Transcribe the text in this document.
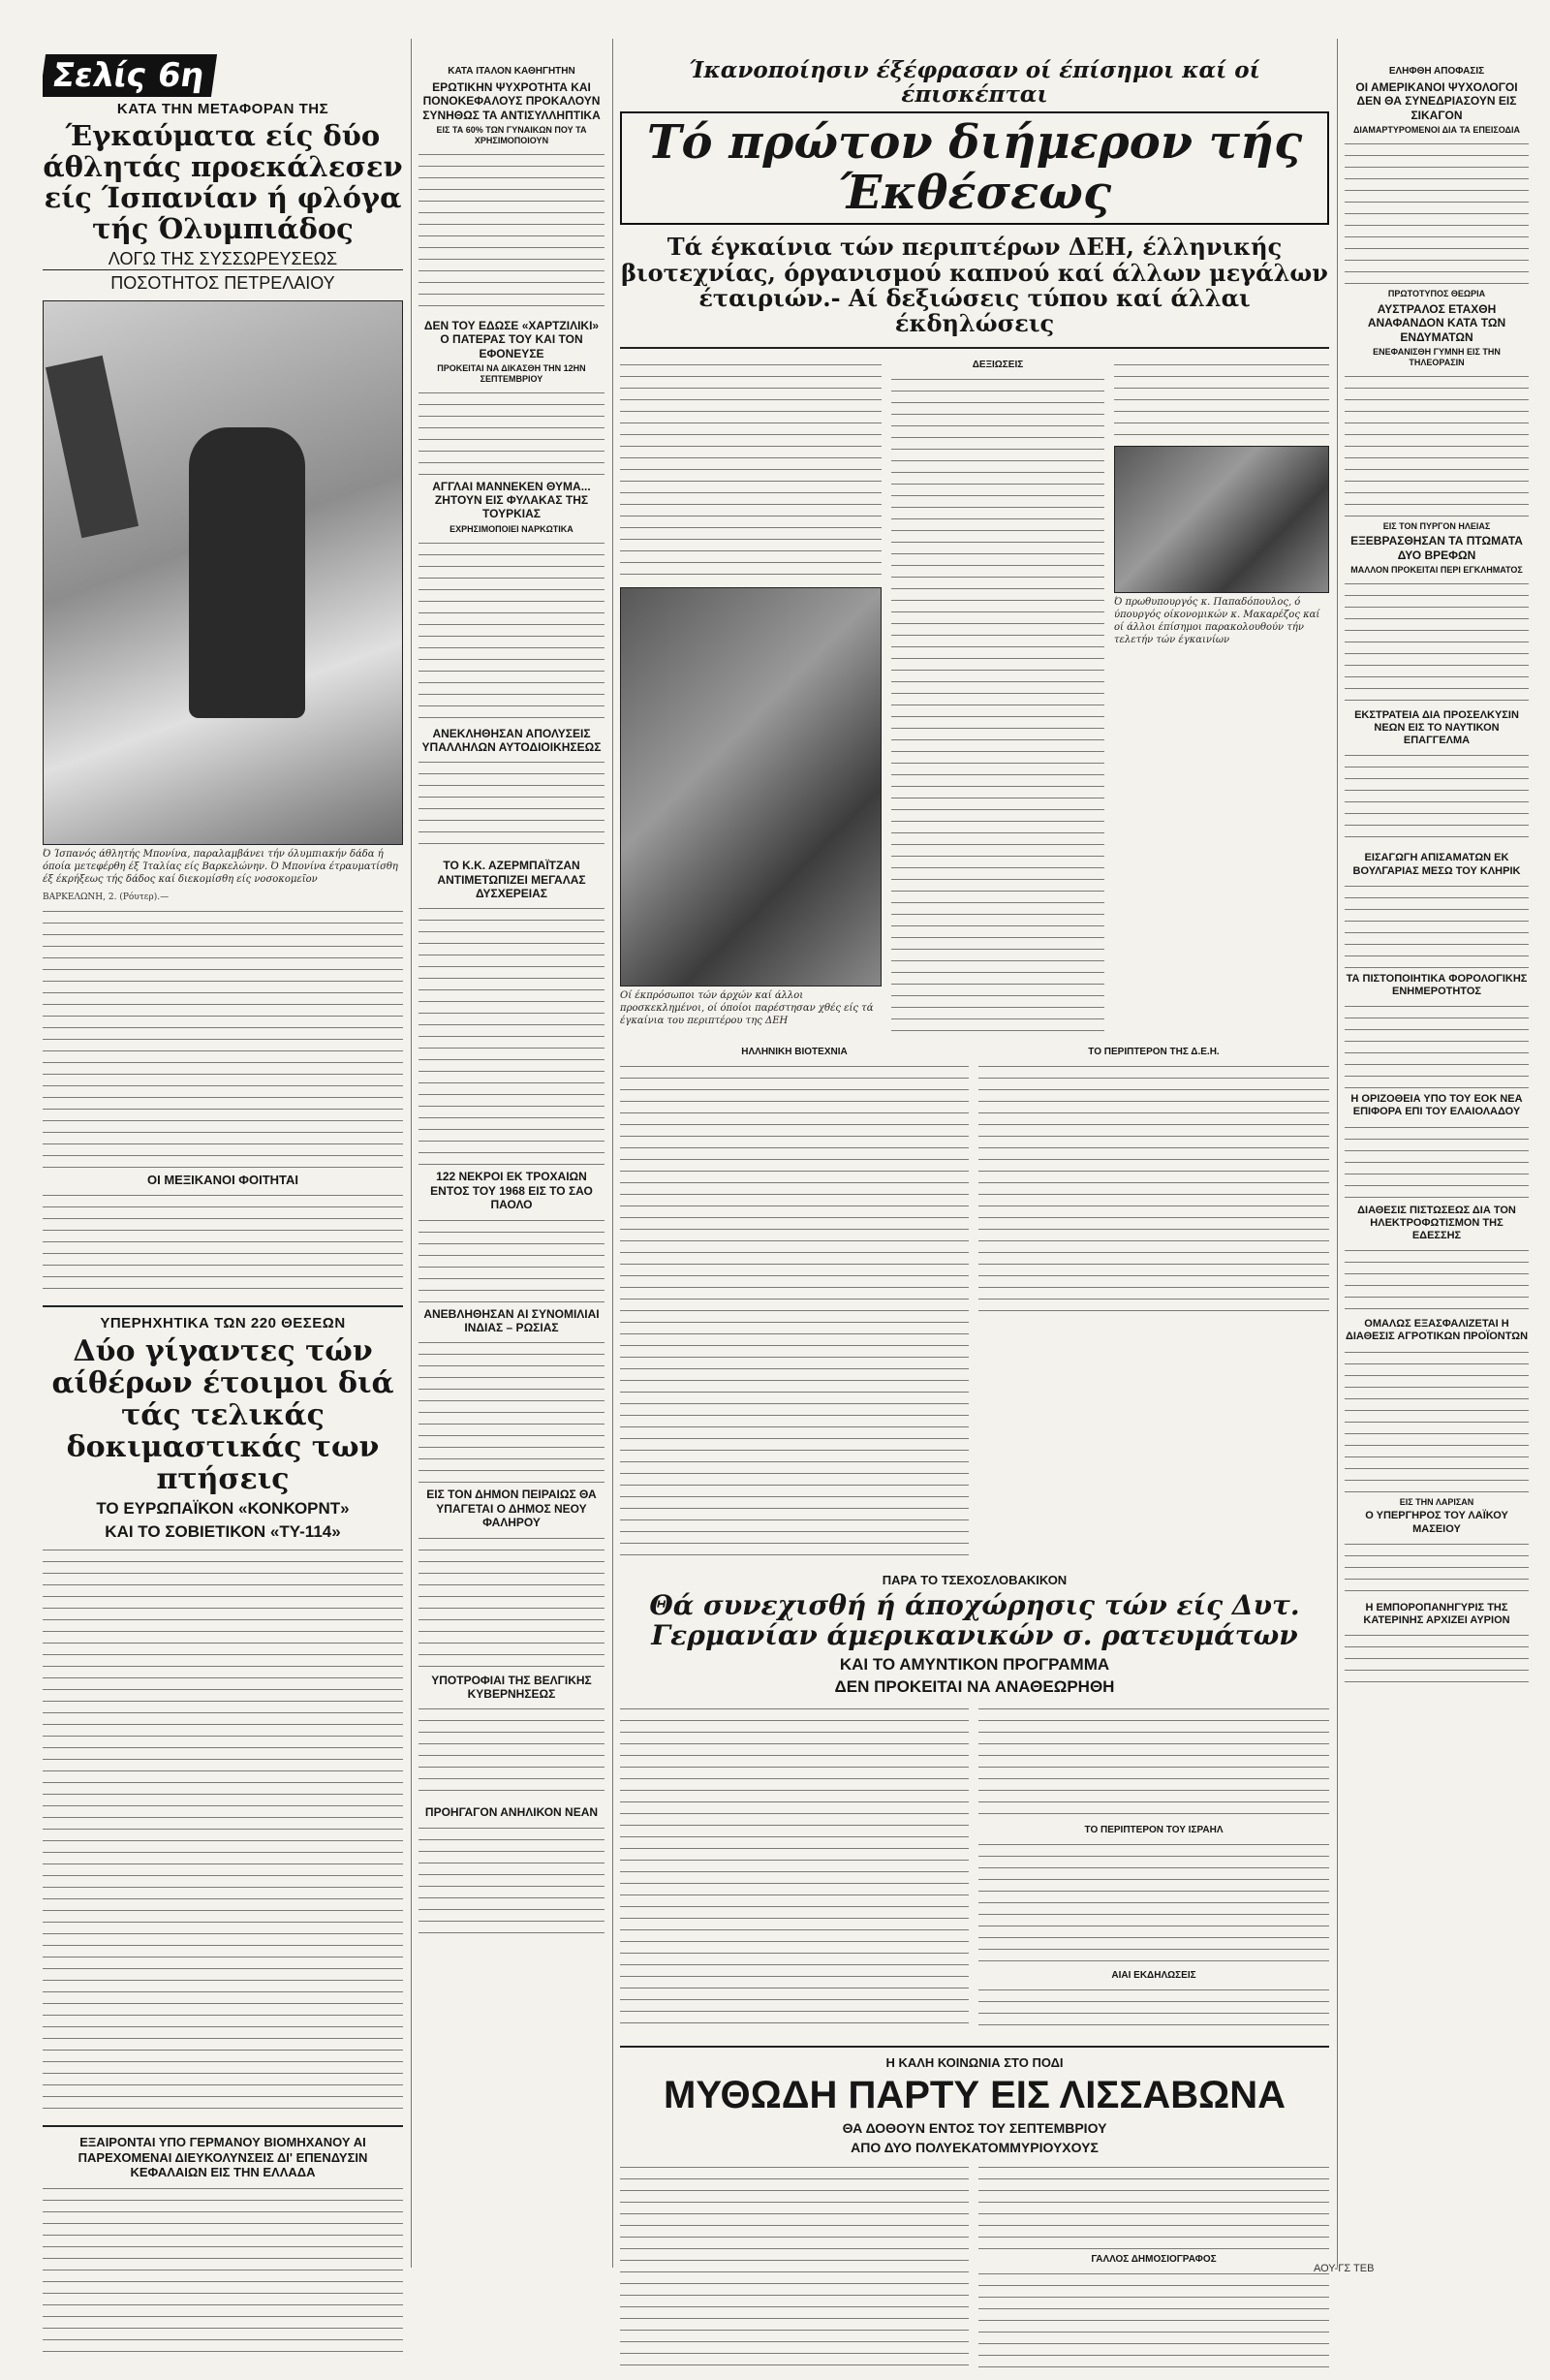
Σελίς 6η
ΚΑΤΑ ΤΗΝ ΜΕΤΑΦΟΡΑΝ ΤΗΣ
Έγκαύματα είς δύο άθλητάς προεκάλεσεν είς Ίσπανίαν ή φλόγα τής Όλυμπιάδος
ΛΟΓΩ ΤΗΣ ΣΥΣΣΩΡΕΥΣΕΩΣ
ΠΟΣΟΤΗΤΟΣ ΠΕΤΡΕΛΑΙΟΥ
Ό Ίσπανός άθλητής Μπονίνα, παραλαμβάνει τήν όλυμπιακήν δάδα ή όποία μετεφέρθη έξ Ίταλίας είς Βαρκελώνην. Ό Μπονίνα έτραυματίσθη έξ έκρήξεως τής δάδος καί διεκομίσθη είς νοσοκομεῖον
ΒΑΡΚΕΛΩΝΗ, 2. (Ρόυτερ).—
ΟΙ ΜΕΞΙΚΑΝΟΙ ΦΟΙΤΗΤΑΙ
ΥΠΕΡΗΧΗΤΙΚΑ ΤΩΝ 220 ΘΕΣΕΩΝ
Δύο γίγαντες τών αίθέρων έτοιμοι διά τάς τελικάς δοκιμαστικάς των πτήσεις
ΤΟ ΕΥΡΩΠΑΪΚΟΝ «ΚΟΝΚΟΡΝΤ»
ΚΑΙ ΤΟ ΣΟΒΙΕΤΙΚΟΝ «ΤΥ-114»
ΕΞΑΙΡΟΝΤΑΙ ΥΠΟ ΓΕΡΜΑΝΟΥ ΒΙΟΜΗΧΑΝΟΥ ΑΙ ΠΑΡΕΧΟΜΕΝΑΙ ΔΙΕΥΚΟΛΥΝΣΕΙΣ ΔΙ' ΕΠΕΝΔΥΣΙΝ ΚΕΦΑΛΑΙΩΝ ΕΙΣ ΤΗΝ ΕΛΛΑΔΑ
ΚΑΤΑ ΙΤΑΛΟΝ ΚΑΘΗΓΗΤΗΝ
ΕΡΩΤΙΚΗΝ ΨΥΧΡΟΤΗΤΑ ΚΑΙ ΠΟΝΟΚΕΦΑΛΟΥΣ ΠΡΟΚΑΛΟΥΝ ΣΥΝΗΘΩΣ ΤΑ ΑΝΤΙΣΥΛΛΗΠΤΙΚΑ
ΕΙΣ ΤΑ 60% ΤΩΝ ΓΥΝΑΙΚΩΝ ΠΟΥ ΤΑ ΧΡΗΣΙΜΟΠΟΙΟΥΝ
ΔΕΝ ΤΟΥ ΕΔΩΣΕ «ΧΑΡΤΖΙΛΙΚΙ» Ο ΠΑΤΕΡΑΣ ΤΟΥ ΚΑΙ ΤΟΝ ΕΦΟΝΕΥΣΕ
ΠΡΟΚΕΙΤΑΙ ΝΑ ΔΙΚΑΣΘΗ ΤΗΝ 12ΗΝ ΣΕΠΤΕΜΒΡΙΟΥ
ΑΓΓΛΑΙ ΜΑΝΝΕΚΕΝ ΘΥΜΑ... ΖΗΤΟΥΝ ΕΙΣ ΦΥΛΑΚΑΣ ΤΗΣ ΤΟΥΡΚΙΑΣ
ΕΧΡΗΣΙΜΟΠΟΙΕΙ ΝΑΡΚΩΤΙΚΑ
ΑΝΕΚΛΗΘΗΣΑΝ ΑΠΟΛΥΣΕΙΣ ΥΠΑΛΛΗΛΩΝ ΑΥΤΟΔΙΟΙΚΗΣΕΩΣ
ΤΟ Κ.Κ. ΑΖΕΡΜΠΑΪΤΖΑΝ ΑΝΤΙΜΕΤΩΠΙΖΕΙ ΜΕΓΑΛΑΣ ΔΥΣΧΕΡΕΙΑΣ
122 ΝΕΚΡΟΙ ΕΚ ΤΡΟΧΑΙΩΝ ΕΝΤΟΣ ΤΟΥ 1968 ΕΙΣ ΤΟ ΣΑΟ ΠΑΟΛΟ
ΑΝΕΒΛΗΘΗΣΑΝ ΑΙ ΣΥΝΟΜΙΛΙΑΙ ΙΝΔΙΑΣ – ΡΩΣΙΑΣ
ΕΙΣ ΤΟΝ ΔΗΜΟΝ ΠΕΙΡΑΙΩΣ ΘΑ ΥΠΑΓΕΤΑΙ Ο ΔΗΜΟΣ ΝΕΟΥ ΦΑΛΗΡΟΥ
ΥΠΟΤΡΟΦΙΑΙ ΤΗΣ ΒΕΛΓΙΚΗΣ ΚΥΒΕΡΝΗΣΕΩΣ
ΠΡΟΗΓΑΓΟΝ ΑΝΗΛΙΚΟΝ ΝΕΑΝ
Ίκανοποίησιν έξέφρασαν οί έπίσημοι καί οί έπισκέπται
Τό πρώτον διήμερον τής Έκθέσεως
Τά έγκαίνια τών περιπτέρων ΔΕΗ, έλληνικής βιοτεχνίας, όργανισμού καπνού καί άλλων μεγάλων έταιριών.- Αί δεξιώσεις τύπου καί άλλαι έκδηλώσεις
Οί έκπρόσωποι τών άρχών καί άλλοι προσκεκλημένοι, οί όποίοι παρέστησαν χθές είς τά έγκαίνια του περιπτέρου της ΔΕΗ
ΔΕΞΙΩΣΕΙΣ
Ό πρωθυπουργός κ. Παπαδόπουλος, ό ύπουργός οίκονομικών κ. Μακαρέζος καί οί άλλοι έπίσημοι παρακολουθούν τήν τελετήν τών έγκαινίων
ΗΛΛΗΝΙΚΗ ΒΙΟΤΕΧΝΙΑ	ΤΟ ΠΕΡΙΠΤΕΡΟΝ ΤΗΣ Δ.Ε.Η.
ΠΑΡΑ ΤΟ ΤΣΕΧΟΣΛΟΒΑΚΙΚΟΝ
Θά συνεχισθή ή άποχώρησις τών είς Δυτ. Γερμανίαν άμερικανικών σ. ρατευμάτων
ΚΑΙ ΤΟ ΑΜΥΝΤΙΚΟΝ ΠΡΟΓΡΑΜΜΑ
ΔΕΝ ΠΡΟΚΕΙΤΑΙ ΝΑ ΑΝΑΘΕΩΡΗΘΗ
ΤΟ ΠΕΡΙΠΤΕΡΟΝ ΤΟΥ ΙΣΡΑΗΛ
ΑΙΑΙ ΕΚΔΗΛΩΣΕΙΣ
Η ΚΑΛΗ ΚΟΙΝΩΝΙΑ ΣΤΟ ΠΟΔΙ
ΜΥΘΩΔΗ ΠΑΡΤΥ ΕΙΣ ΛΙΣΣΑΒΩΝΑ
ΘΑ ΔΟΘΟΥΝ ΕΝΤΟΣ ΤΟΥ ΣΕΠΤΕΜΒΡΙΟΥ
ΑΠΟ ΔΥΟ ΠΟΛΥΕΚΑΤΟΜΜΥΡΙΟΥΧΟΥΣ
ΓΑΛΛΟΣ ΔΗΜΟΣΙΟΓΡΑΦΟΣ
ΕΛΗΦΘΗ ΑΠΟΦΑΣΙΣ
ΟΙ ΑΜΕΡΙΚΑΝΟΙ ΨΥΧΟΛΟΓΟΙ ΔΕΝ ΘΑ ΣΥΝΕΔΡΙΑΣΟΥΝ ΕΙΣ ΣΙΚΑΓΟΝ
ΔΙΑΜΑΡΤΥΡΟΜΕΝΟΙ ΔΙΑ ΤΑ ΕΠΕΙΣΟΔΙΑ
ΠΡΩΤΟΤΥΠΟΣ ΘΕΩΡΙΑ
ΑΥΣΤΡΑΛΟΣ ΕΤΑΧΘΗ ΑΝΑΦΑΝΔΟΝ ΚΑΤΑ ΤΩΝ ΕΝΔΥΜΑΤΩΝ
ΕΝΕΦΑΝΙΣΘΗ ΓΥΜΝΗ ΕΙΣ ΤΗΝ ΤΗΛΕΟΡΑΣΙΝ
ΕΙΣ ΤΟΝ ΠΥΡΓΟΝ ΗΛΕΙΑΣ
ΕΞΕΒΡΑΣΘΗΣΑΝ ΤΑ ΠΤΩΜΑΤΑ ΔΥΟ ΒΡΕΦΩΝ
ΜΑΛΛΟΝ ΠΡΟΚΕΙΤΑΙ ΠΕΡΙ ΕΓΚΛΗΜΑΤΟΣ
ΕΚΣΤΡΑΤΕΙΑ ΔΙΑ ΠΡΟΣΕΛΚΥΣΙΝ ΝΕΩΝ ΕΙΣ ΤΟ ΝΑΥΤΙΚΟΝ ΕΠΑΓΓΕΛΜΑ
ΕΙΣΑΓΩΓΗ ΑΠΙΣΑΜΑΤΩΝ ΕΚ ΒΟΥΛΓΑΡΙΑΣ ΜΕΣΩ ΤΟΥ ΚΛΗΡΙΚ
ΤΑ ΠΙΣΤΟΠΟΙΗΤΙΚΑ ΦΟΡΟΛΟΓΙΚΗΣ ΕΝΗΜΕΡΟΤΗΤΟΣ
Η ΟΡΙΖΟΘΕΙΑ ΥΠΟ ΤΟΥ ΕΟΚ ΝΕΑ ΕΠΙΦΟΡΑ ΕΠΙ ΤΟΥ ΕΛΑΙΟΛΑΔΟΥ
ΔΙΑΘΕΣΙΣ ΠΙΣΤΩΣΕΩΣ ΔΙΑ ΤΟΝ ΗΛΕΚΤΡΟΦΩΤΙΣΜΟΝ ΤΗΣ ΕΔΕΣΣΗΣ
ΟΜΑΛΩΣ ΕΞΑΣΦΑΛΙΖΕΤΑΙ Η ΔΙΑΘΕΣΙΣ ΑΓΡΟΤΙΚΩΝ ΠΡΟΪΟΝΤΩΝ
ΕΙΣ ΤΗΝ ΛΑΡΙΣΑΝ
Ο ΥΠΕΡΓΗΡΟΣ ΤΟΥ ΛΑΪΚΟΥ ΜΑΣΕΙΟΥ
Η ΕΜΠΟΡΟΠΑΝΗΓΥΡΙΣ ΤΗΣ ΚΑΤΕΡΙΝΗΣ ΑΡΧΙΖΕΙ ΑΥΡΙΟΝ
ΑΟΥ-ΓΣ ΤΕΒ
